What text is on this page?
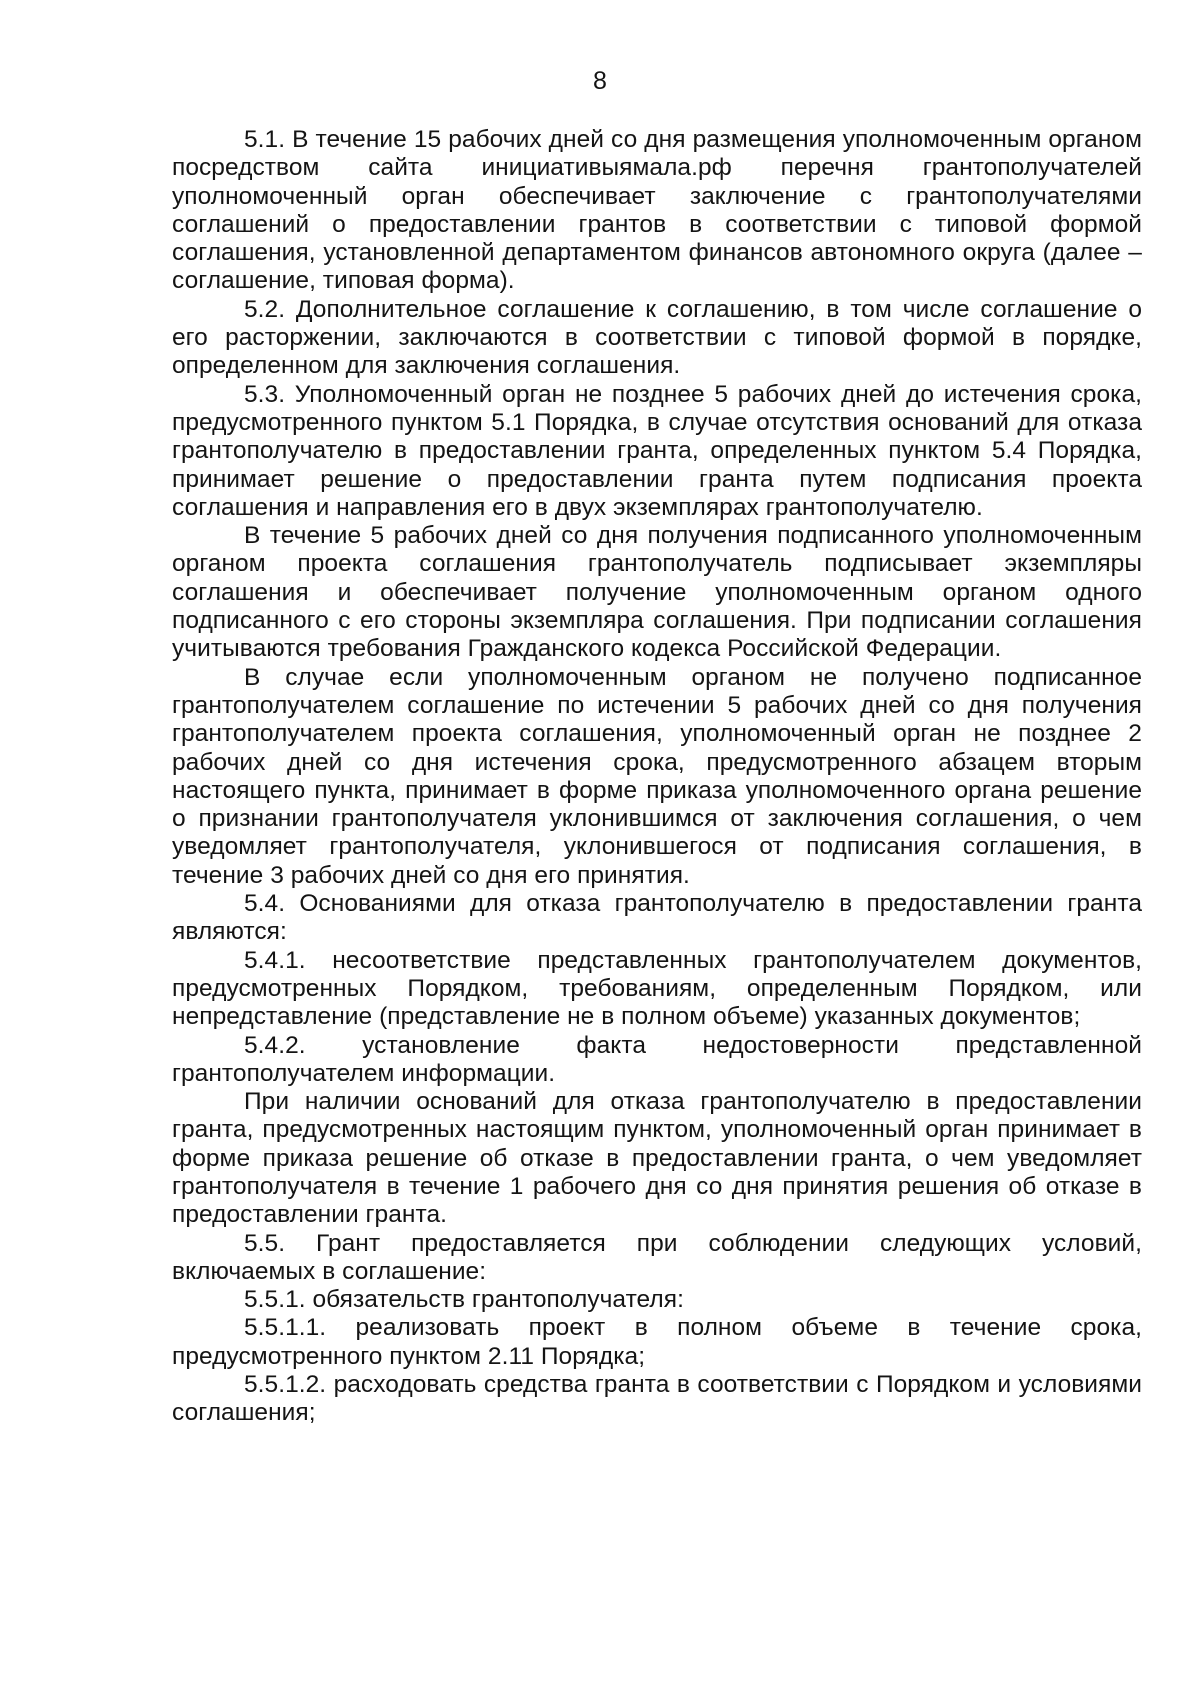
8

5.1. В течение 15 рабочих дней со дня размещения уполномоченным органом посредством сайта инициативыямала.рф перечня грантополучателей уполномоченный орган обеспечивает заключение с грантополучателями соглашений о предоставлении грантов в соответствии с типовой формой соглашения, установленной департаментом финансов автономного округа (далее – соглашение, типовая форма).

5.2. Дополнительное соглашение к соглашению, в том числе соглашение о его расторжении, заключаются в соответствии с типовой формой в порядке, определенном для заключения соглашения.

5.3. Уполномоченный орган не позднее 5 рабочих дней до истечения срока, предусмотренного пунктом 5.1 Порядка, в случае отсутствия оснований для отказа грантополучателю в предоставлении гранта, определенных пунктом 5.4 Порядка, принимает решение о предоставлении гранта путем подписания проекта соглашения и направления его в двух экземплярах грантополучателю.

В течение 5 рабочих дней со дня получения подписанного уполномоченным органом проекта соглашения грантополучатель подписывает экземпляры соглашения и обеспечивает получение уполномоченным органом одного подписанного с его стороны экземпляра соглашения. При подписании соглашения учитываются требования Гражданского кодекса Российской Федерации.

В случае если уполномоченным органом не получено подписанное грантополучателем соглашение по истечении 5 рабочих дней со дня получения грантополучателем проекта соглашения, уполномоченный орган не позднее 2 рабочих дней со дня истечения срока, предусмотренного абзацем вторым настоящего пункта, принимает в форме приказа уполномоченного органа решение о признании грантополучателя уклонившимся от заключения соглашения, о чем уведомляет грантополучателя, уклонившегося от подписания соглашения, в течение 3 рабочих дней со дня его принятия.

5.4. Основаниями для отказа грантополучателю в предоставлении гранта являются:

5.4.1. несоответствие представленных грантополучателем документов, предусмотренных Порядком, требованиям, определенным Порядком, или непредставление (представление не в полном объеме) указанных документов;

5.4.2. установление факта недостоверности представленной грантополучателем информации.

При наличии оснований для отказа грантополучателю в предоставлении гранта, предусмотренных настоящим пунктом, уполномоченный орган принимает в форме приказа решение об отказе в предоставлении гранта, о чем уведомляет грантополучателя в течение 1 рабочего дня со дня принятия решения об отказе в предоставлении гранта.

5.5. Грант предоставляется при соблюдении следующих условий, включаемых в соглашение:

5.5.1. обязательств грантополучателя:

5.5.1.1. реализовать проект в полном объеме в течение срока, предусмотренного пунктом 2.11 Порядка;

5.5.1.2. расходовать средства гранта в соответствии с Порядком и условиями соглашения;
